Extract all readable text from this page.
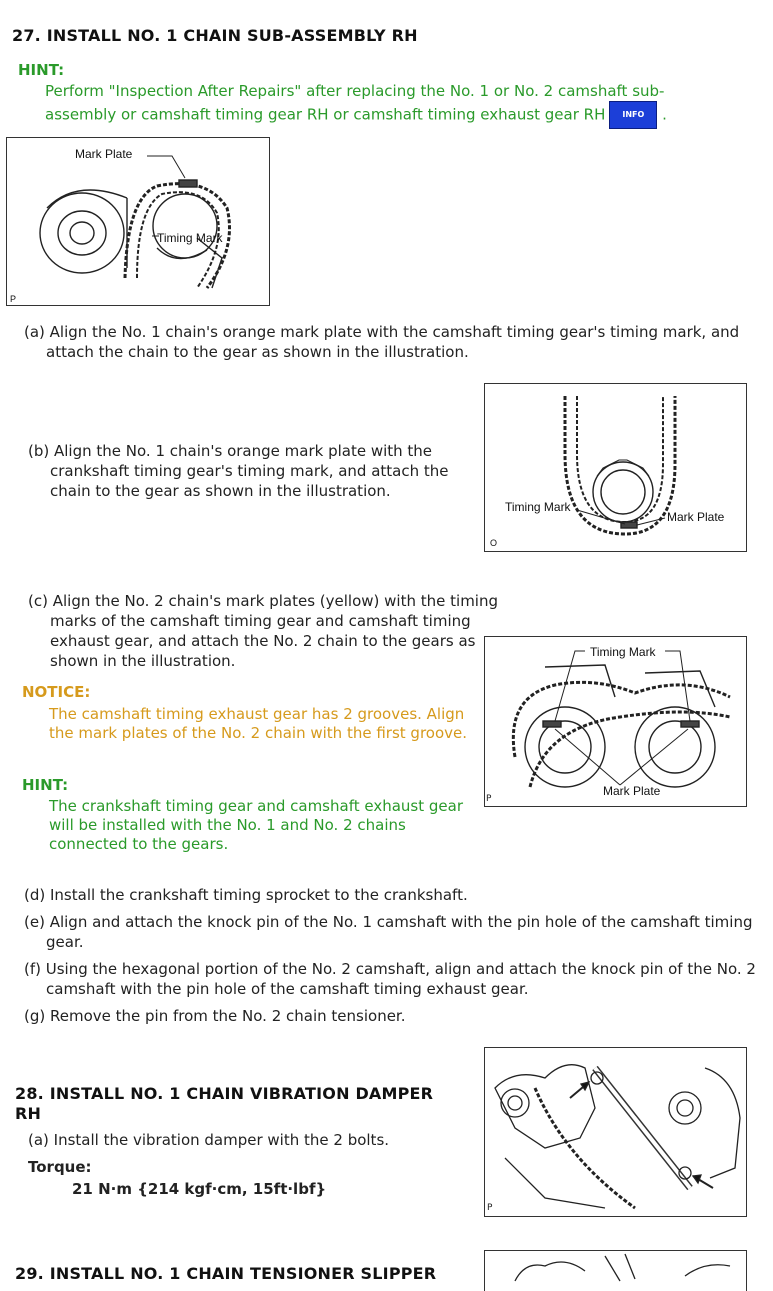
27. INSTALL NO. 1 CHAIN SUB-ASSEMBLY RH
HINT:
Perform "Inspection After Repairs" after replacing the No. 1 or No. 2 camshaft sub-assembly or camshaft timing gear RH or camshaft timing exhaust gear RH INFO .
Mark Plate
Timing Mark
P
(a) Align the No. 1 chain's orange mark plate with the camshaft timing gear's timing mark, and attach the chain to the gear as shown in the illustration.
Timing Mark
Mark Plate
O
(b) Align the No. 1 chain's orange mark plate with the crankshaft timing gear's timing mark, and attach the chain to the gear as shown in the illustration.
(c) Align the No. 2 chain's mark plates (yellow) with the timing marks of the camshaft timing gear and camshaft timing exhaust gear, and attach the No. 2 chain to the gears as shown in the illustration.	Timing Mark
Mark Plate
P
NOTICE:
The camshaft timing exhaust gear has 2 grooves. Align the mark plates of the No. 2 chain with the first groove.
HINT:
The crankshaft timing gear and camshaft exhaust gear will be installed with the No. 1 and No. 2 chains connected to the gears.
(d) Install the crankshaft timing sprocket to the crankshaft.
(e) Align and attach the knock pin of the No. 1 camshaft with the pin hole of the camshaft timing gear.
(f) Using the hexagonal portion of the No. 2 camshaft, align and attach the knock pin of the No. 2 camshaft with the pin hole of the camshaft timing exhaust gear.
(g) Remove the pin from the No. 2 chain tensioner.
28. INSTALL NO. 1 CHAIN VIBRATION DAMPER RH
(a) Install the vibration damper with the 2 bolts.
Torque:
21 N·m {214 kgf·cm, 15ft·lbf}
P
29. INSTALL NO. 1 CHAIN TENSIONER SLIPPER
